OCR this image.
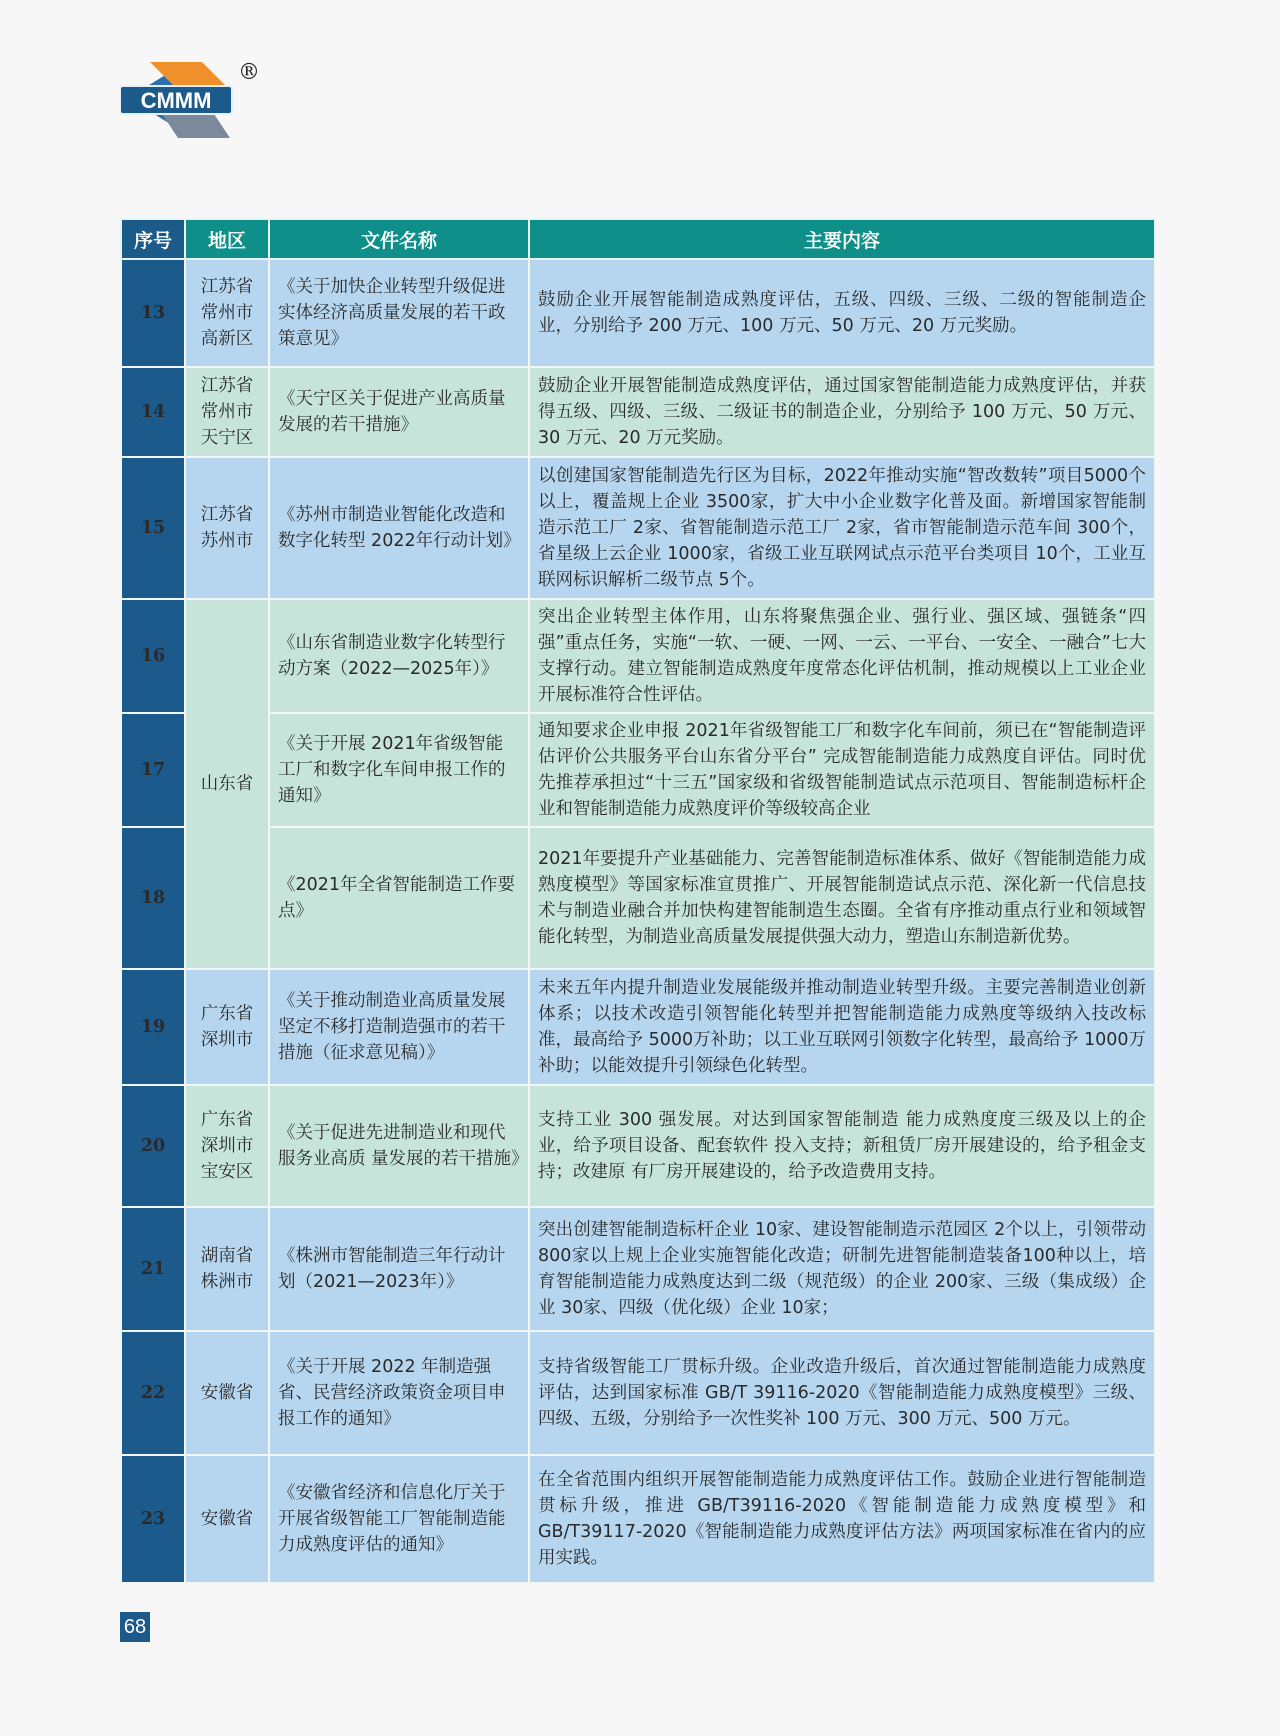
CMMM
®
序号	地区	文件名称	主要内容
13	江苏省
常州市
高新区	《关于加快企业转型升级促进实体经济高质量发展的若干政策意见》	鼓励企业开展智能制造成熟度评估，五级、四级、三级、二级的智能制造企业，分别给予 200 万元、100 万元、50 万元、20 万元奖励。
14	江苏省
常州市
天宁区	《天宁区关于促进产业高质量发展的若干措施》	鼓励企业开展智能制造成熟度评估，通过国家智能制造能力成熟度评估，并获得五级、四级、三级、二级证书的制造企业，分别给予 100 万元、50 万元、30 万元、20 万元奖励。
15	江苏省
苏州市	《苏州市制造业智能化改造和数字化转型 2022年行动计划》	以创建国家智能制造先行区为目标，2022年推动实施“智改数转”项目5000个以上，覆盖规上企业 3500家，扩大中小企业数字化普及面。新增国家智能制造示范工厂 2家、省智能制造示范工厂 2家，省市智能制造示范车间 300个，省星级上云企业 1000家，省级工业互联网试点示范平台类项目 10个，工业互联网标识解析二级节点 5个。
16	山东省	《山东省制造业数字化转型行动方案（2022—2025年）》	突出企业转型主体作用，山东将聚焦强企业、强行业、强区域、强链条“四强”重点任务，实施“一软、一硬、一网、一云、一平台、一安全、一融合”七大支撑行动。建立智能制造成熟度年度常态化评估机制，推动规模以上工业企业开展标准符合性评估。
17		《关于开展 2021年省级智能工厂和数字化车间申报工作的通知》	通知要求企业申报 2021年省级智能工厂和数字化车间前，须已在“智能制造评估评价公共服务平台山东省分平台” 完成智能制造能力成熟度自评估。同时优先推荐承担过“十三五”国家级和省级智能制造试点示范项目、智能制造标杆企业和智能制造能力成熟度评价等级较高企业
18		《2021年全省智能制造工作要点》	2021年要提升产业基础能力、完善智能制造标准体系、做好《智能制造能力成熟度模型》等国家标准宣贯推广、开展智能制造试点示范、深化新一代信息技术与制造业融合并加快构建智能制造生态圈。全省有序推动重点行业和领域智能化转型，为制造业高质量发展提供强大动力，塑造山东制造新优势。
19	广东省
深圳市	《关于推动制造业高质量发展坚定不移打造制造强市的若干措施（征求意见稿）》	未来五年内提升制造业发展能级并推动制造业转型升级。主要完善制造业创新体系；以技术改造引领智能化转型并把智能制造能力成熟度等级纳入技改标准，最高给予 5000万补助；以工业互联网引领数字化转型，最高给予 1000万补助；以能效提升引领绿色化转型。
20	广东省
深圳市
宝安区	《关于促进先进制造业和现代服务业高质 量发展的若干措施》	支持工业 300 强发展。对达到国家智能制造 能力成熟度度三级及以上的企业，给予项目设备、配套软件 投入支持；新租赁厂房开展建设的，给予租金支持；改建原 有厂房开展建设的，给予改造费用支持。
21	湖南省
株洲市	《株洲市智能制造三年行动计划（2021—2023年）》	突出创建智能制造标杆企业 10家、建设智能制造示范园区 2个以上，引领带动 800家以上规上企业实施智能化改造；研制先进智能制造装备100种以上，培育智能制造能力成熟度达到二级（规范级）的企业 200家、三级（集成级）企业 30家、四级（优化级）企业 10家；
22	安徽省	《关于开展 2022 年制造强省、民营经济政策资金项目申报工作的通知》	支持省级智能工厂贯标升级。企业改造升级后，首次通过智能制造能力成熟度评估，达到国家标准 GB/T 39116-2020《智能制造能力成熟度模型》三级、四级、五级，分别给予一次性奖补 100 万元、300 万元、500 万元。
23	安徽省	《安徽省经济和信息化厅关于开展省级智能工厂智能制造能力成熟度评估的通知》	在全省范围内组织开展智能制造能力成熟度评估工作。鼓励企业进行智能制造贯标升级，推进 GB/T39116-2020《智能制造能力成熟度模型》和 GB/T39117-2020《智能制造能力成熟度评估方法》两项国家标准在省内的应用实践。
68
